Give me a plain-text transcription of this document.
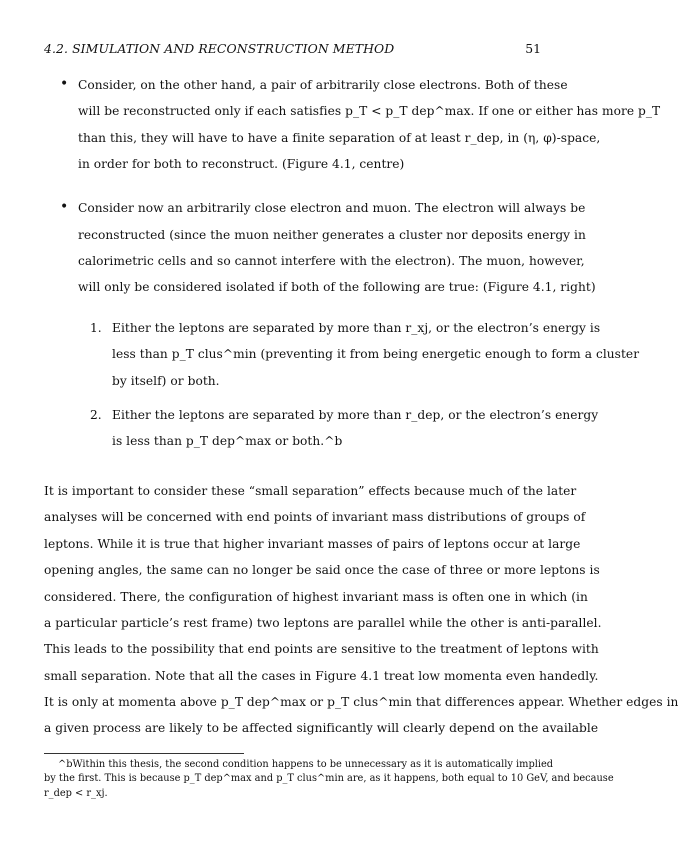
4.2. SIMULATION AND RECONSTRUCTION METHOD	51
• Consider, on the other hand, a pair of arbitrarily close electrons. Both of these
will be reconstructed only if each satisfies p_T < p_T dep^max. If one or either has more p_T
than this, they will have to have a finite separation of at least r_dep, in (η, φ)-space,
in order for both to reconstruct. (Figure 4.1, centre)
• Consider now an arbitrarily close electron and muon. The electron will always be
reconstructed (since the muon neither generates a cluster nor deposits energy in
calorimetric cells and so cannot interfere with the electron). The muon, however,
will only be considered isolated if both of the following are true: (Figure 4.1, right)
1. Either the leptons are separated by more than r_xj, or the electron’s energy is
less than p_T clus^min (preventing it from being energetic enough to form a cluster
by itself) or both.
2. Either the leptons are separated by more than r_dep, or the electron’s energy
is less than p_T dep^max or both.^b
It is important to consider these “small separation” effects because much of the later
analyses will be concerned with end points of invariant mass distributions of groups of
leptons. While it is true that higher invariant masses of pairs of leptons occur at large
opening angles, the same can no longer be said once the case of three or more leptons is
considered. There, the configuration of highest invariant mass is often one in which (in
a particular particle’s rest frame) two leptons are parallel while the other is anti-parallel.
This leads to the possibility that end points are sensitive to the treatment of leptons with
small separation. Note that all the cases in Figure 4.1 treat low momenta even handedly.
It is only at momenta above p_T dep^max or p_T clus^min that differences appear. Whether edges in
a given process are likely to be affected significantly will clearly depend on the available
^bWithin this thesis, the second condition happens to be unnecessary as it is automatically implied
by the first. This is because p_T dep^max and p_T clus^min are, as it happens, both equal to 10 GeV, and because
r_dep < r_xj.
